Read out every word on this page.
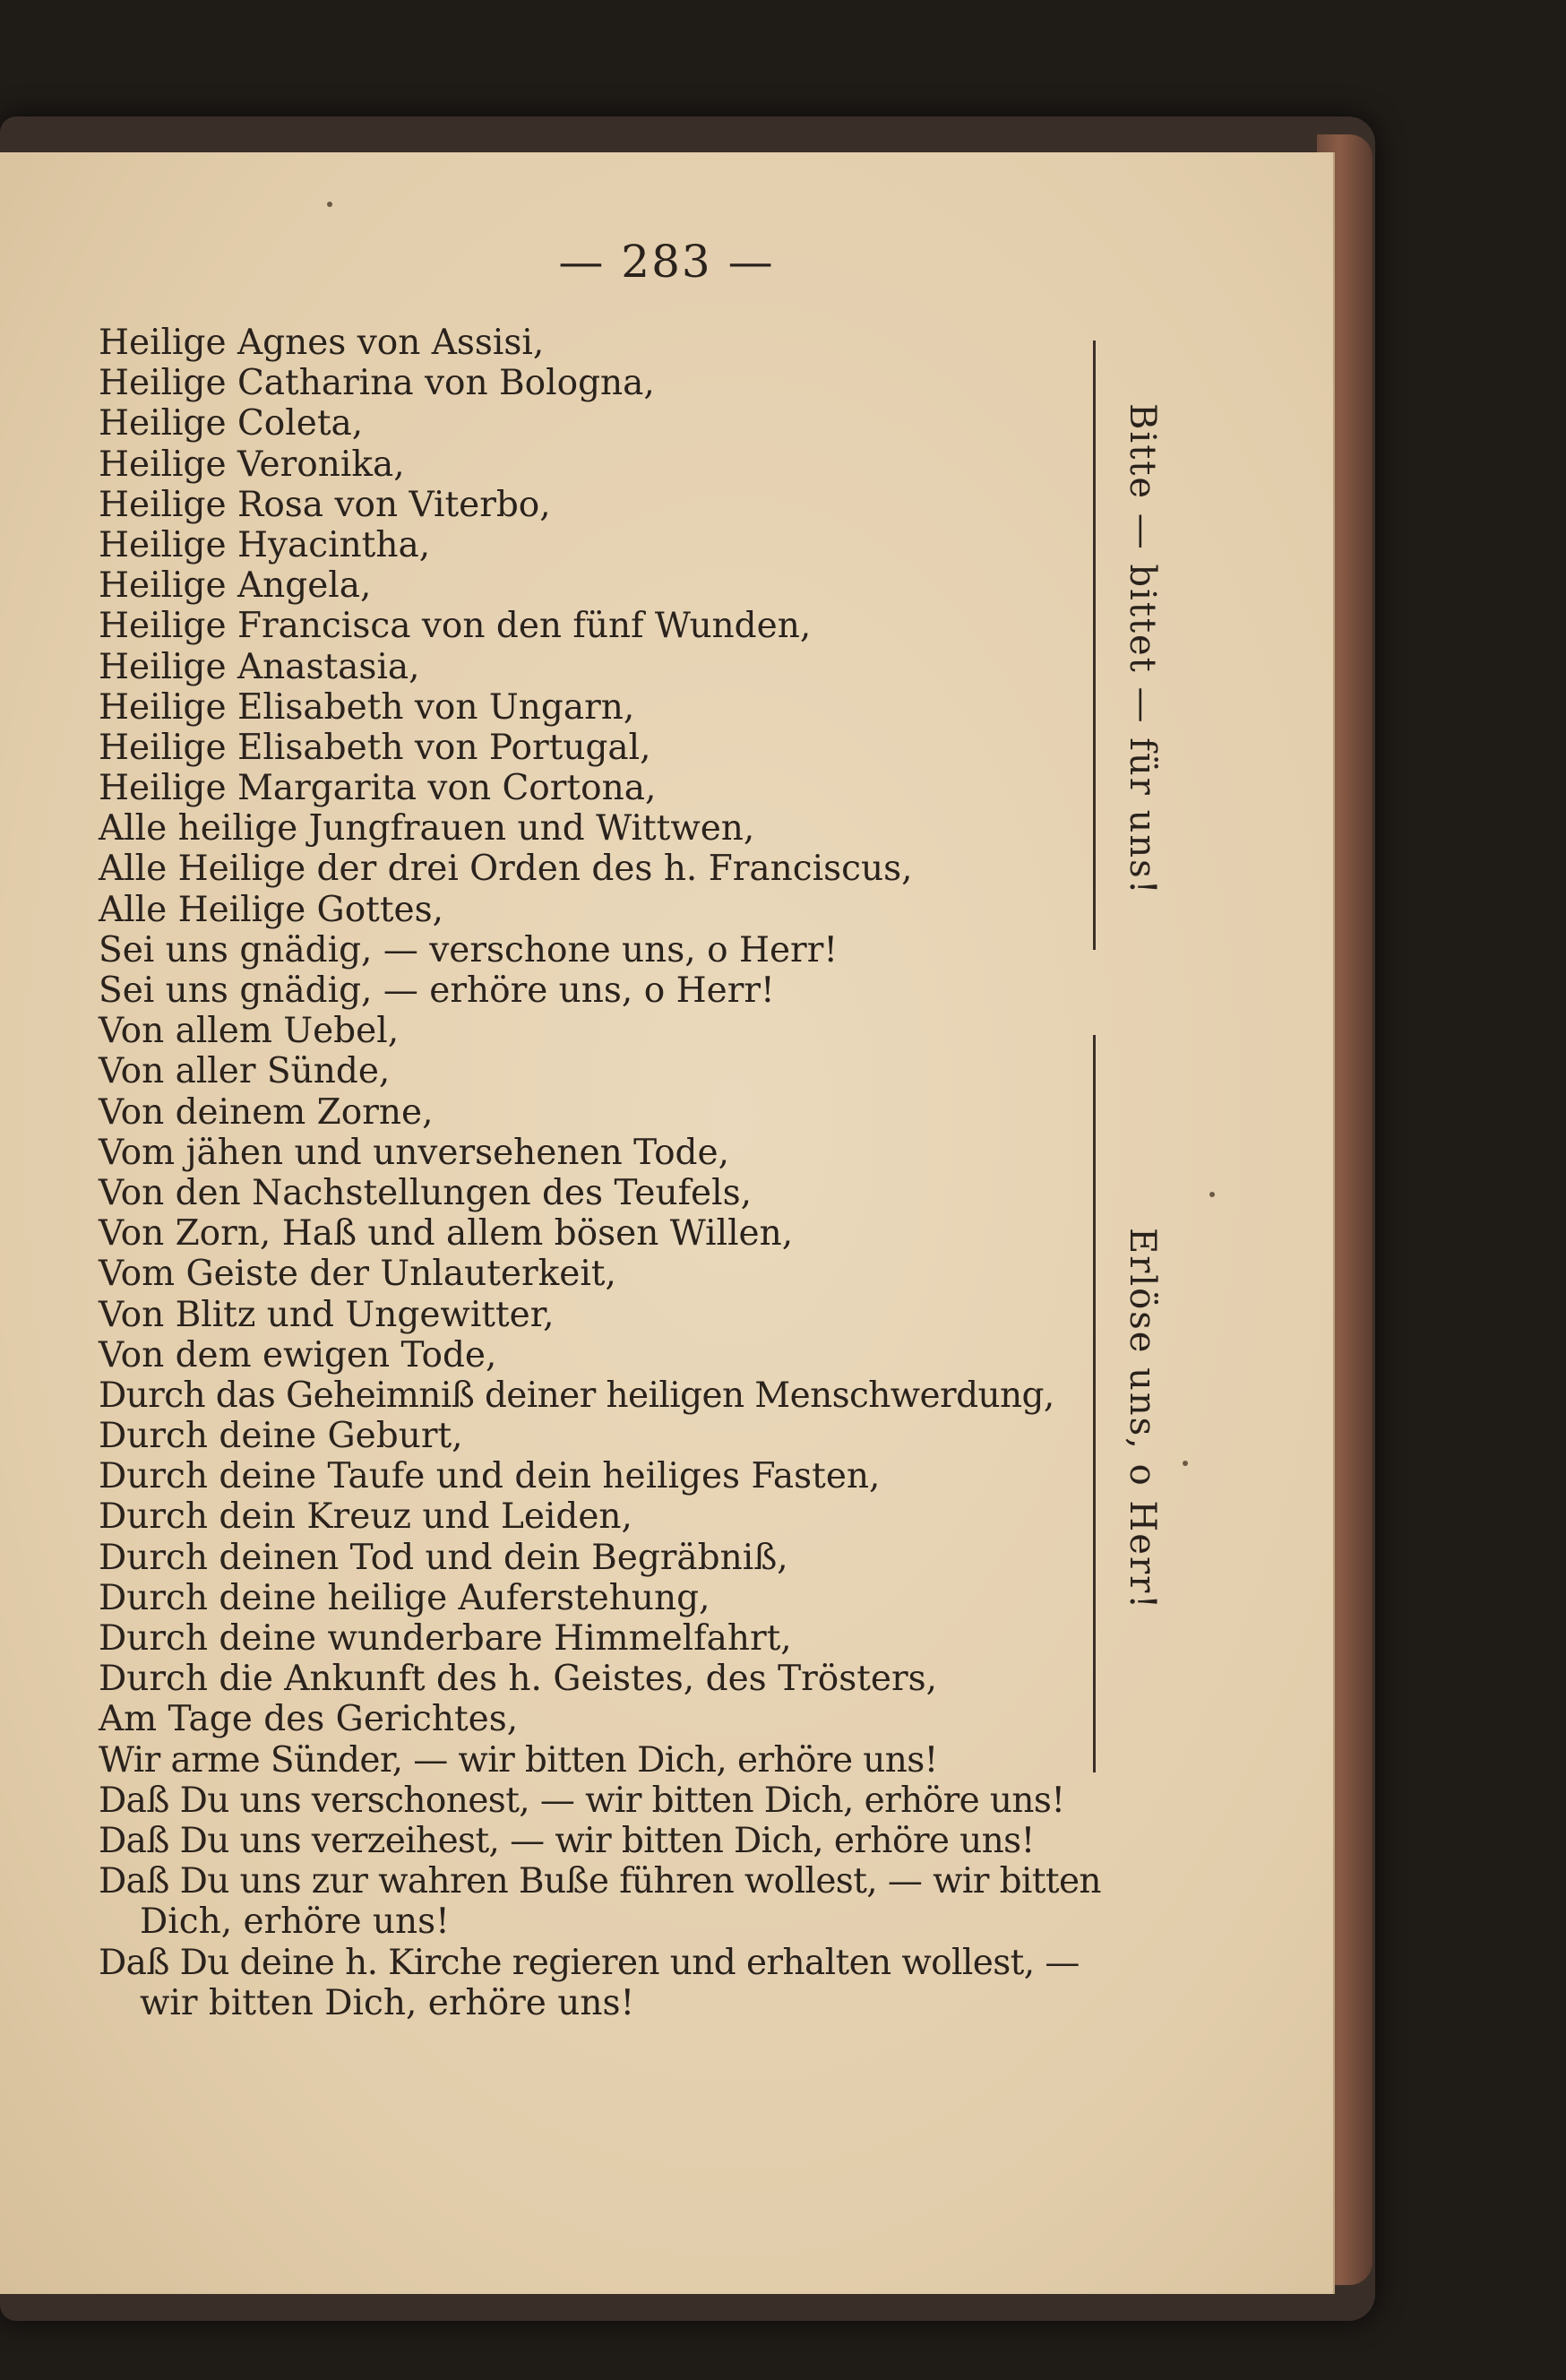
— 283 —
Heilige Agnes von Assisi,
Heilige Catharina von Bologna,
Heilige Coleta,
Heilige Veronika,
Heilige Rosa von Viterbo,
Heilige Hyacintha,
Heilige Angela,
Heilige Francisca von den fünf Wunden,
Heilige Anastasia,
Heilige Elisabeth von Ungarn,
Heilige Elisabeth von Portugal,
Heilige Margarita von Cortona,
Alle heilige Jungfrauen und Wittwen,
Alle Heilige der drei Orden des h. Franciscus,
Alle Heilige Gottes,
Sei uns gnädig, — verschone uns, o Herr!
Sei uns gnädig, — erhöre uns, o Herr!
Von allem Uebel,
Von aller Sünde,
Von deinem Zorne,
Vom jähen und unversehenen Tode,
Von den Nachstellungen des Teufels,
Von Zorn, Haß und allem bösen Willen,
Vom Geiste der Unlauterkeit,
Von Blitz und Ungewitter,
Von dem ewigen Tode,
Durch das Geheimniß deiner heiligen Menschwerdung,
Durch deine Geburt,
Durch deine Taufe und dein heiliges Fasten,
Durch dein Kreuz und Leiden,
Durch deinen Tod und dein Begräbniß,
Durch deine heilige Auferstehung,
Durch deine wunderbare Himmelfahrt,
Durch die Ankunft des h. Geistes, des Trösters,
Am Tage des Gerichtes,
Wir arme Sünder, — wir bitten Dich, erhöre uns!
Daß Du uns verschonest, — wir bitten Dich, erhöre uns!
Daß Du uns verzeihest, — wir bitten Dich, erhöre uns!
Daß Du uns zur wahren Buße führen wollest, — wir bitten
Dich, erhöre uns!
Daß Du deine h. Kirche regieren und erhalten wollest, —
wir bitten Dich, erhöre uns!
Bitte — bittet — für uns!
Erlöse uns, o Herr!
